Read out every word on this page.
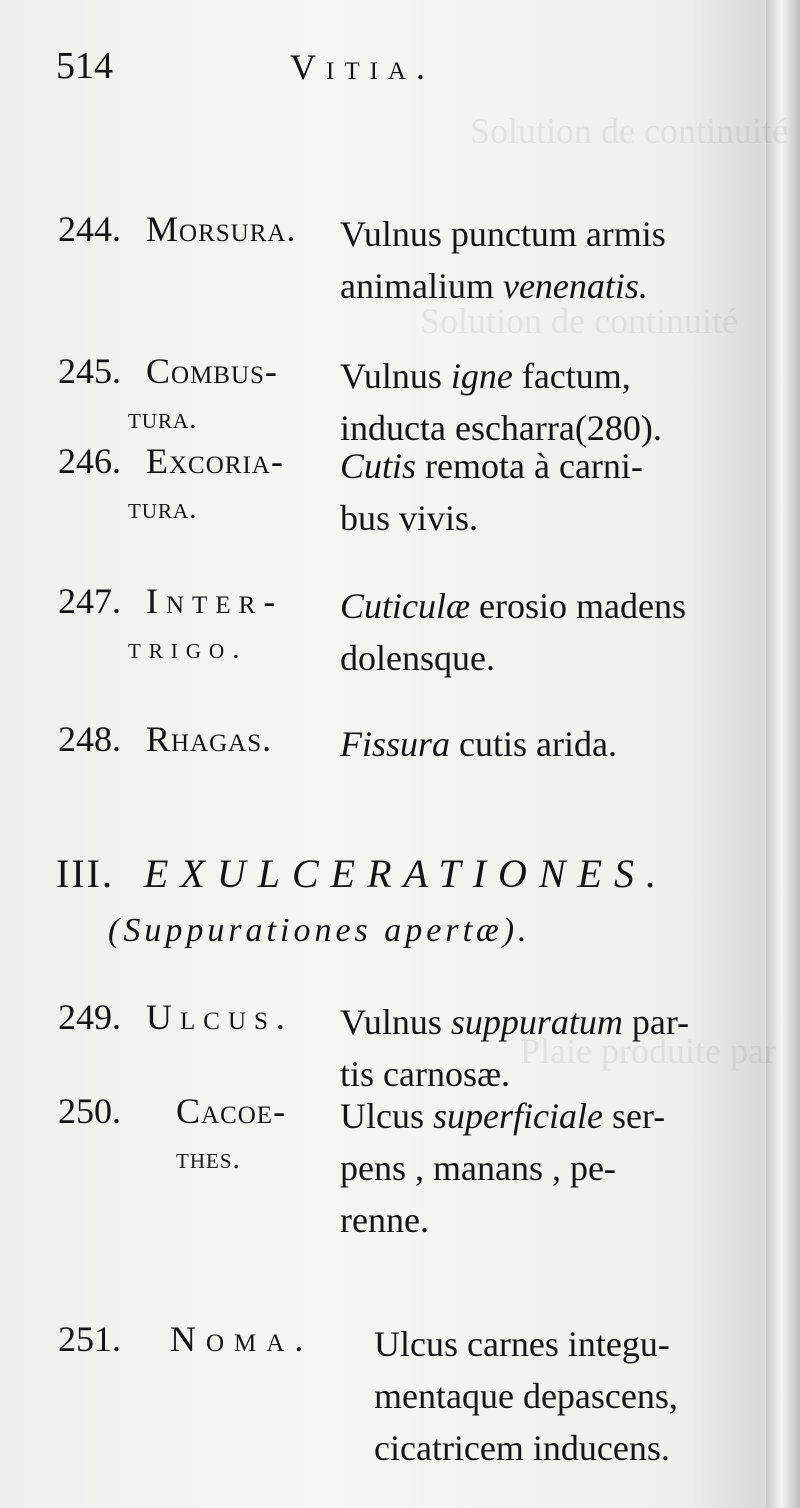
Solution de continuité
Solution de continuité
Plaie produite par
514	Vitia.
244. Morsura. Vulnus punctum armis
animalium venenatis.
245. Combus-
tura.
Vulnus igne factum,
inducta escharra(280).
246. Excoria-
tura.
Cutis remota à carni-
bus vivis.
247. Inter-
trigo.
Cuticulæ erosio madens
dolensque.
248. Rhagas. Fissura cutis arida.
III. EXULCERATIONES.
(Suppurationes apertæ).
249. Ulcus. Vulnus suppuratum par-
tis carnosæ.
250. Cacoe-
thes.
Ulcus superficiale ser-
pens , manans , pe-
renne.
251. Noma. Ulcus carnes integu-
mentaque depascens,
cicatricem inducens.
